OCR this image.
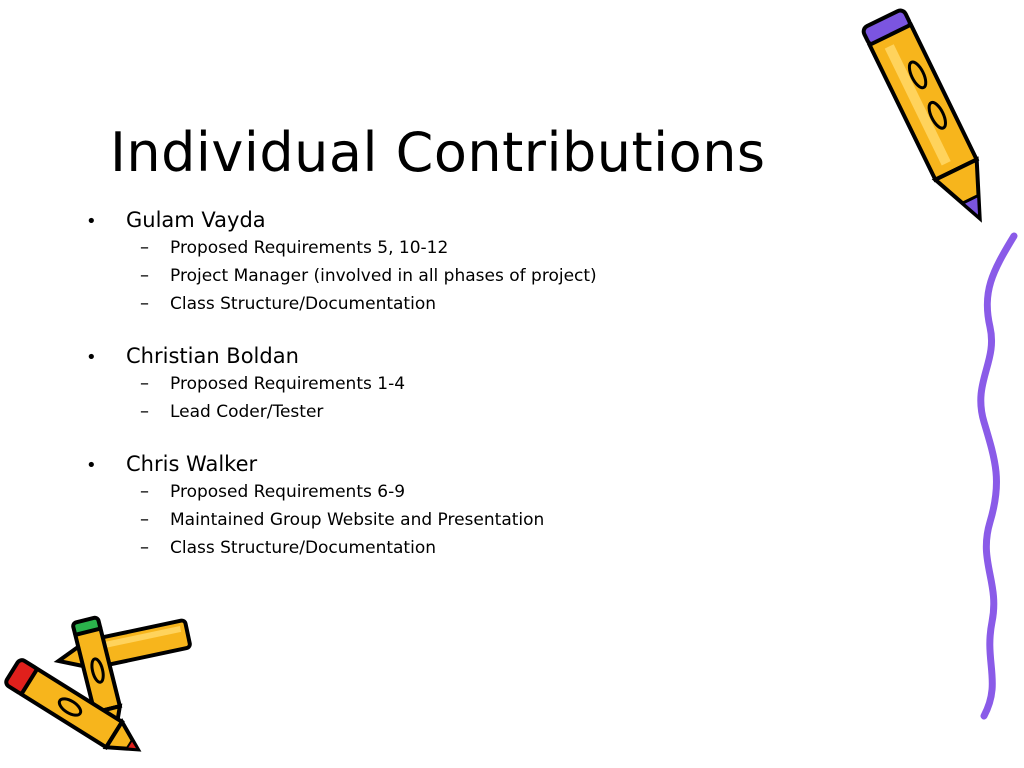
Individual Contributions
•	Gulam Vayda
–	Proposed Requirements 5, 10-12
–	Project Manager (involved in all phases of project)
–	Class Structure/Documentation
•	Christian Boldan
–	Proposed Requirements 1-4
–	Lead Coder/Tester
•	Chris Walker
–	Proposed Requirements 6-9
–	Maintained Group Website and Presentation
–	Class Structure/Documentation
